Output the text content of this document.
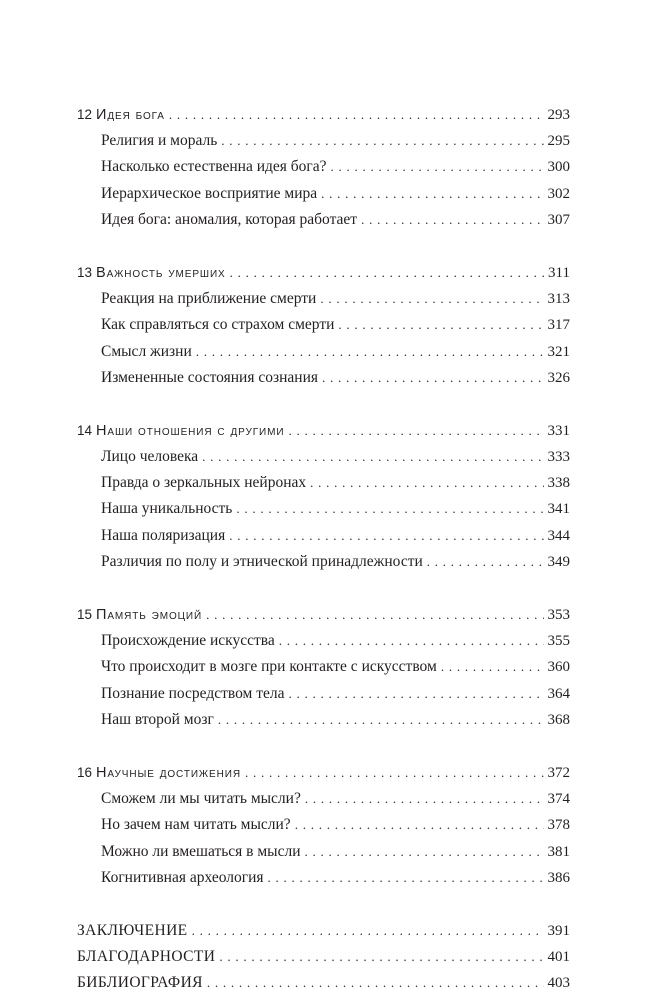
12 Идея бога . . .	293
Религия и мораль . . .	295
Насколько естественна идея бога? . . .	300
Иерархическое восприятие мира . . .	302
Идея бога: аномалия, которая работает . . .	307
13 Важность умерших . . .	311
Реакция на приближение смерти . . .	313
Как справляться со страхом смерти . . .	317
Смысл жизни . . .	321
Измененные состояния сознания . . .	326
14 Наши отношения с другими . . .	331
Лицо человека . . .	333
Правда о зеркальных нейронах . . .	338
Наша уникальность . . .	341
Наша поляризация . . .	344
Различия по полу и этнической принадлежности . . .	349
15 Память эмоций . . .	353
Происхождение искусства . . .	355
Что происходит в мозге при контакте с искусством . . .	360
Познание посредством тела . . .	364
Наш второй мозг . . .	368
16 Научные достижения . . .	372
Сможем ли мы читать мысли? . . .	374
Но зачем нам читать мысли? . . .	378
Можно ли вмешаться в мысли . . .	381
Когнитивная археология . . .	386
ЗАКЛЮЧЕНИЕ . . .	391
БЛАГОДАРНОСТИ . . .	401
БИБЛИОГРАФИЯ . . .	403
